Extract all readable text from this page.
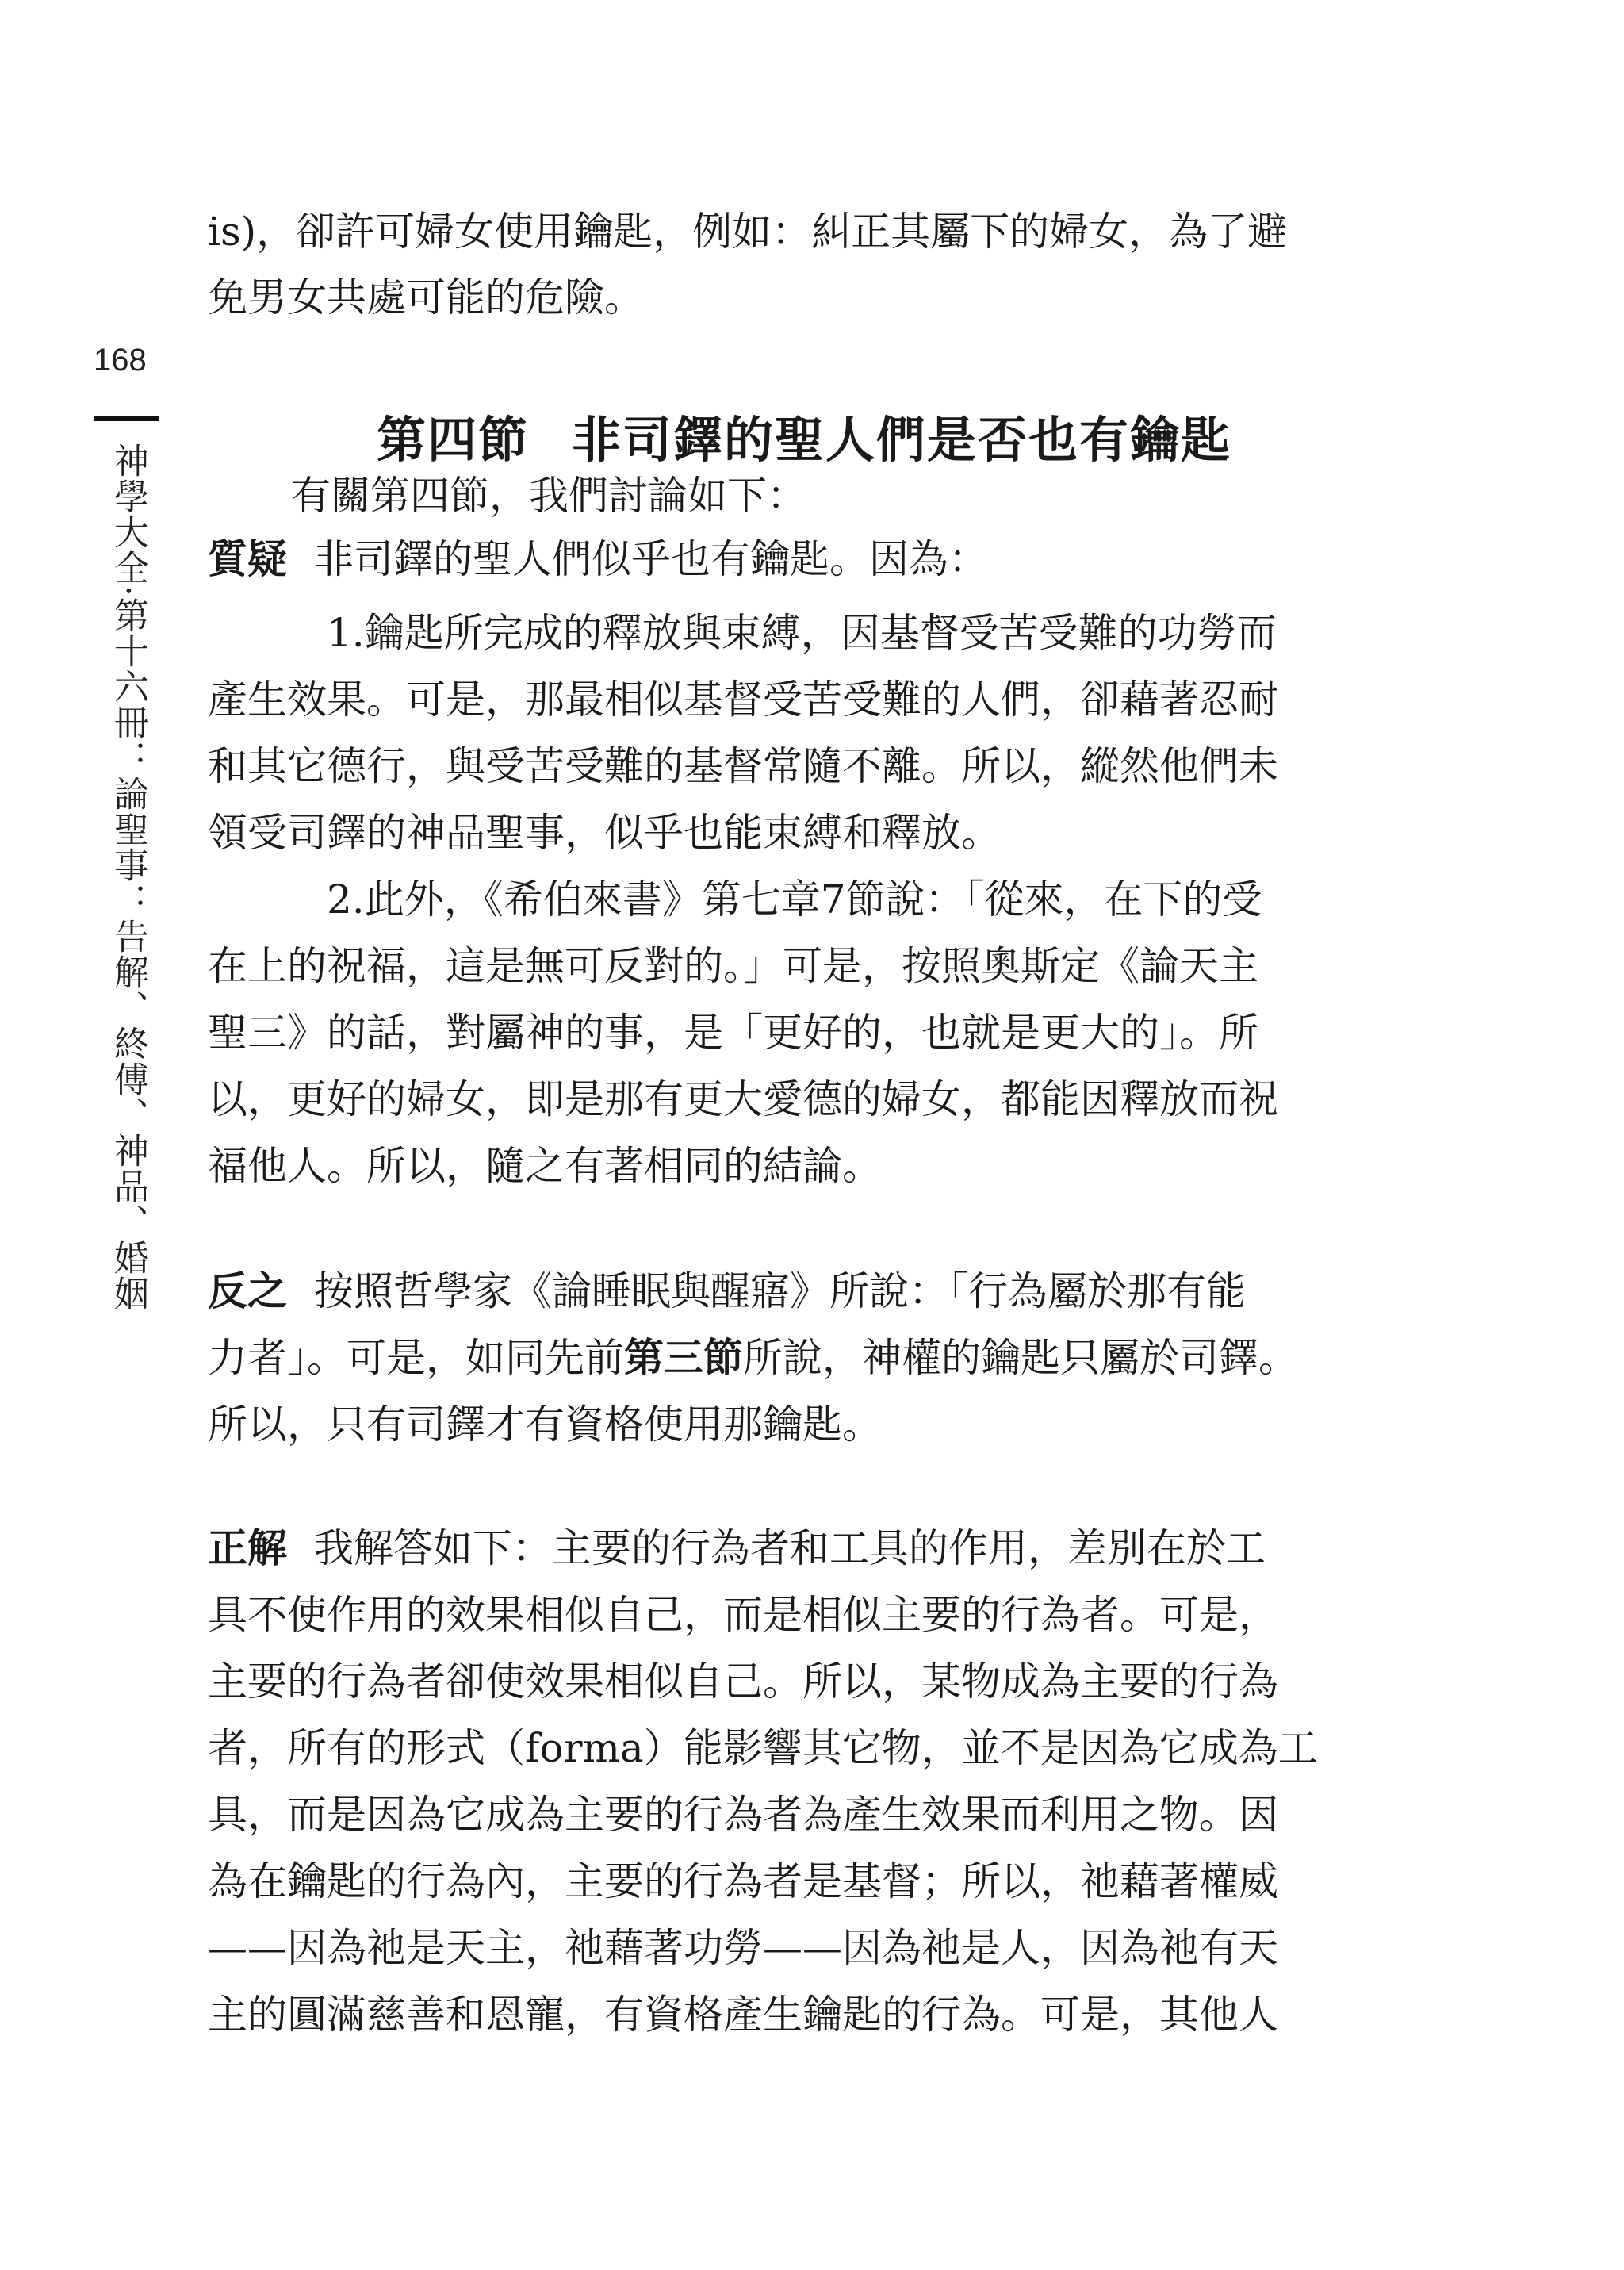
168
神學大全·第十六冊：論聖事：告解、終傅、神品、婚姻
is)，卻許可婦女使用鑰匙，例如：糾正其屬下的婦女，為了避
免男女共處可能的危險。
第四節 非司鐸的聖人們是否也有鑰匙
有關第四節，我們討論如下：
質疑 非司鐸的聖人們似乎也有鑰匙。因為：
1.鑰匙所完成的釋放與束縛，因基督受苦受難的功勞而
產生效果。可是，那最相似基督受苦受難的人們，卻藉著忍耐
和其它德行，與受苦受難的基督常隨不離。所以，縱然他們未
領受司鐸的神品聖事，似乎也能束縛和釋放。
2.此外，《希伯來書》第七章7節說：「從來，在下的受
在上的祝福，這是無可反對的。」可是，按照奧斯定《論天主
聖三》的話，對屬神的事，是「更好的，也就是更大的」。所
以，更好的婦女，即是那有更大愛德的婦女，都能因釋放而祝
福他人。所以，隨之有著相同的結論。
反之 按照哲學家《論睡眠與醒寤》所說：「行為屬於那有能
力者」。可是，如同先前第三節所說，神權的鑰匙只屬於司鐸。
所以，只有司鐸才有資格使用那鑰匙。
正解 我解答如下：主要的行為者和工具的作用，差別在於工
具不使作用的效果相似自己，而是相似主要的行為者。可是，
主要的行為者卻使效果相似自己。所以，某物成為主要的行為
者，所有的形式（forma）能影響其它物，並不是因為它成為工
具，而是因為它成為主要的行為者為產生效果而利用之物。因
為在鑰匙的行為內，主要的行為者是基督；所以，祂藉著權威
——因為祂是天主，祂藉著功勞——因為祂是人，因為祂有天
主的圓滿慈善和恩寵，有資格產生鑰匙的行為。可是，其他人
